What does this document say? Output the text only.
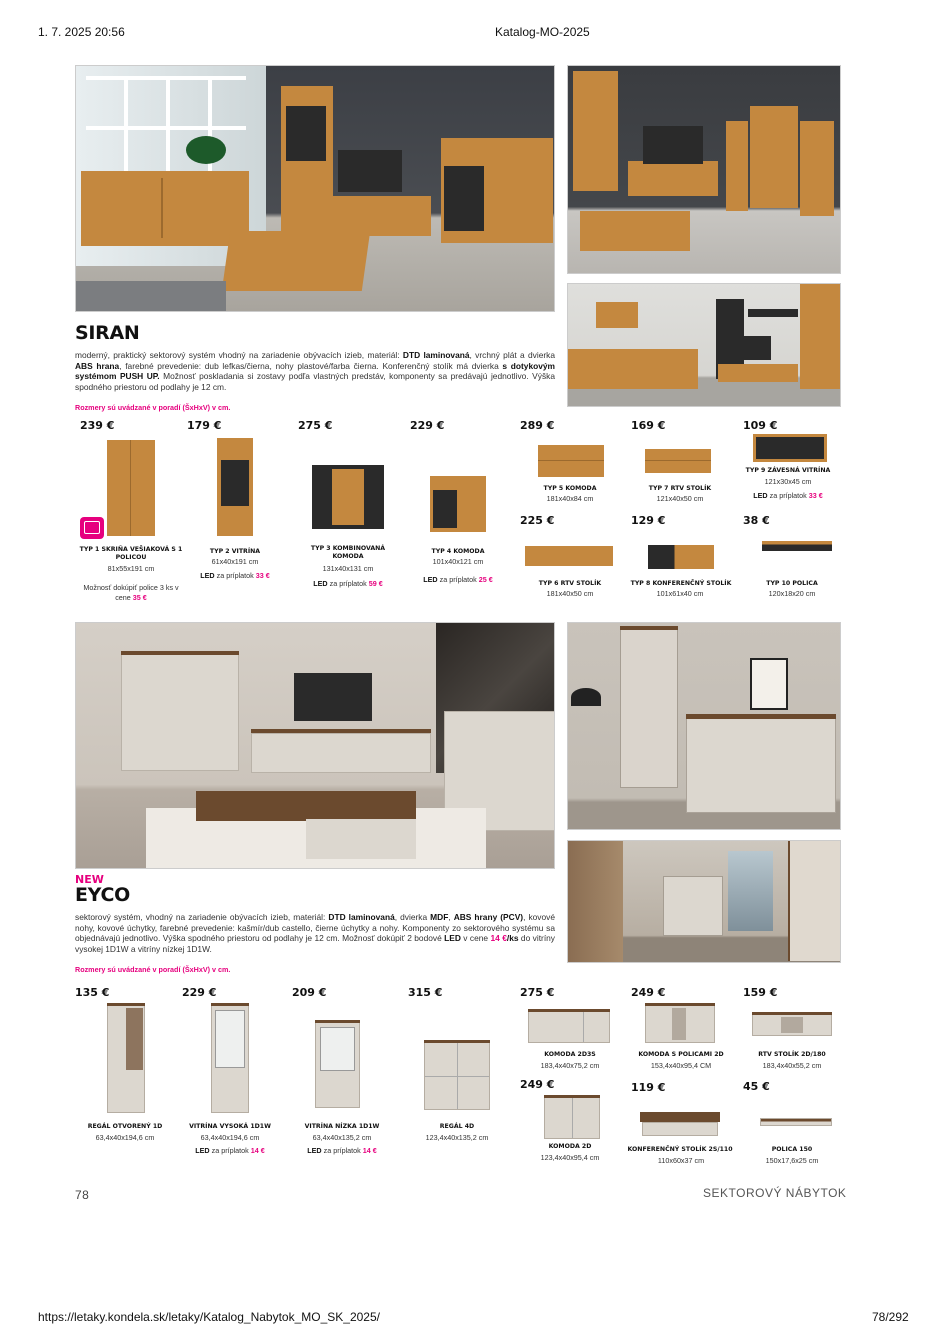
1. 7. 2025 20:56	Katalog-MO-2025
SIRAN
moderný, praktický sektorový systém vhodný na zariadenie obývacích izieb, materiál: DTD laminovaná, vrchný plát a dvierka ABS hrana, farebné prevedenie: dub lefkas/čierna, nohy plastové/farba čierna. Konferenčný stolík má dvierka s dotykovým systémom PUSH UP. Možnosť poskladania si zostavy podľa vlastných predstáv, komponenty sa predávajú jednotlivo. Výška spodného priestoru od podlahy je 12 cm.
Rozmery sú uvádzané v poradí (ŠxHxV) v cm.
239 €
TYP 1 SKRIŇA VEŠIAKOVÁ S 1 POLICOU
81x55x191 cm
Možnosť dokúpiť police 3 ks v cene 35 €
179 €
TYP 2 VITRÍNA
61x40x191 cm
LED za príplatok 33 €
275 €
TYP 3 KOMBINOVANÁ KOMODA
131x40x131 cm
LED za príplatok 59 €
229 €
TYP 4 KOMODA
101x40x121 cm
LED za príplatok 25 €
289 €
TYP 5 KOMODA
181x40x84 cm
169 €
TYP 7 RTV STOLÍK
121x40x50 cm
109 €
TYP 9 ZÁVESNÁ VITRÍNA
121x30x45 cm
LED za príplatok 33 €
225 €
TYP 6 RTV STOLÍK
181x40x50 cm
129 €
TYP 8 KONFERENČNÝ STOLÍK
101x61x40 cm
38 €
TYP 10 POLICA
120x18x20 cm
NEW
EYCO
sektorový systém, vhodný na zariadenie obývacích izieb, materiál: DTD laminovaná, dvierka MDF, ABS hrany (PCV), kovové nohy, kovové úchytky, farebné prevedenie: kašmír/dub castello, čierne úchytky a nohy. Komponenty zo sektorového systému sa objednávajú jednotlivo. Výška spodného priestoru od podlahy je 12 cm. Možnosť dokúpiť 2 bodové LED v cene 14 €/ks do vitríny vysokej 1D1W a vitríny nízkej 1D1W.
Rozmery sú uvádzané v poradí (ŠxHxV) v cm.
135 €
REGÁL OTVORENÝ 1D
63,4x40x194,6 cm
229 €
VITRÍNA VYSOKÁ 1D1W
63,4x40x194,6 cm
LED za príplatok 14 €
209 €
VITRÍNA NÍZKA 1D1W
63,4x40x135,2 cm
LED za príplatok 14 €
315 €
REGÁL 4D
123,4x40x135,2 cm
275 €
KOMODA 2D3S
183,4x40x75,2 cm
249 €
KOMODA S POLICAMI 2D
153,4x40x95,4 CM
159 €
RTV STOLÍK 2D/180
183,4x40x55,2 cm
249 €
KOMODA 2D
123,4x40x95,4 cm
119 €
KONFERENČNÝ STOLÍK 2S/110
110x60x37 cm
45 €
POLICA 150
150x17,6x25 cm
78	SEKTOROVÝ NÁBYTOK
https://letaky.kondela.sk/letaky/Katalog_Nabytok_MO_SK_2025/	78/292
